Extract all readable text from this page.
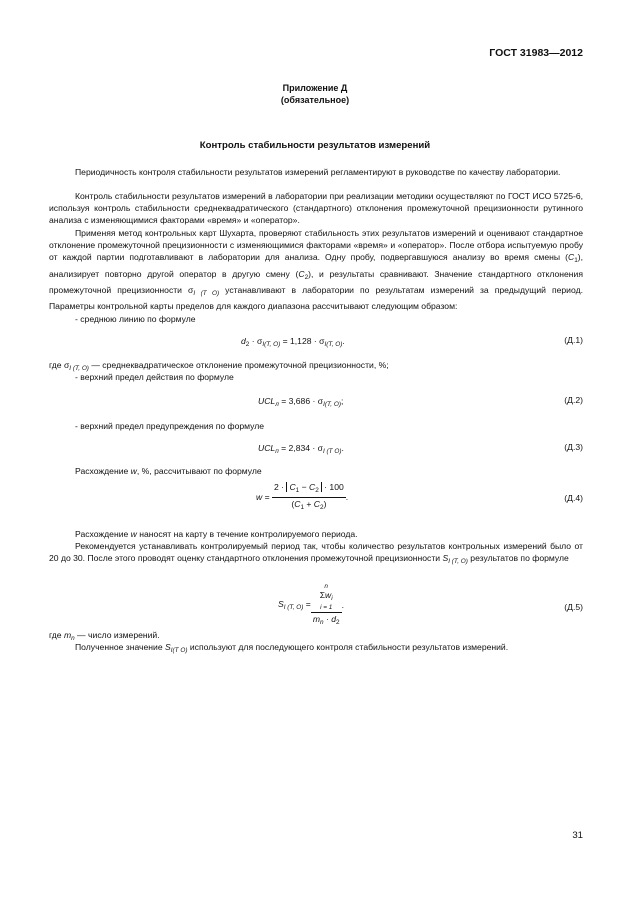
ГОСТ 31983—2012
Приложение Д
(обязательное)
Контроль стабильности результатов измерений

Периодичность контроля стабильности результатов измерений регламентируют в руководстве по качеству лаборатории.

Контроль стабильности результатов измерений в лаборатории при реализации методики осуществляют по ГОСТ ИСО 5725-6, используя контроль стабильности среднеквадратического (стандартного) отклонения промежуточной прецизионности рутинного анализа с изменяющимися факторами «время» и «оператор».

Применяя метод контрольных карт Шухарта, проверяют стабильность этих результатов измерений и оценивают стандартное отклонение промежуточной прецизионности с изменяющимися факторами «время» и «оператор». После отбора испытуемую пробу от каждой партии подготавливают в лаборатории для анализа. Одну пробу, подвергавшуюся анализу во время смены $(C_1)$, анализирует повторно другой оператор в другую смену $(C_2)$, и результаты сравнивают. Значение стандартного отклонения промежуточной прецизионности $\sigma_{I (Т О)}$ устанавливают в лаборатории по результатам измерений за предыдущий период. Параметры контрольной карты пределов для каждого диапазона рассчитывают следующим образом:

- среднюю линию по формуле

$d_2 \cdot \sigma_{I(Т, О)} = 1,128 \cdot \sigma_{I(Т, О)}$.	(Д.1)

где $\sigma_{I (Т, О)}$ — среднеквадратическое отклонение промежуточной прецизионности, %;

- верхний предел действия по формуле

$UCL_л = 3,686 \cdot \sigma_{I(Т, О)}$;	(Д.2)

- верхний предел предупреждения по формуле

$UCL_п = 2,834 \cdot \sigma_{I (Т О)}$.	(Д.3)

Расхождение w, %, рассчитывают по формуле

$w = \frac{2 \cdot C_1 - C_2 \cdot 100}{(C_1 + C_2)}$ .	(Д.4)

Расхождение w наносят на карту в течение контролируемого периода.

Рекомендуется устанавливать контролируемый период так, чтобы количество результатов контрольных измерений было от 20 до 30. После этого проводят оценку стандартного отклонения промежуточной прецизионности $S_{I (Т, О)}$ результатов по формуле

$S_{I (Т, О)} = n$
$\Sigma w_i$
i = 1
$m_n \cdot d_2$ .	(Д.5)

где $m_n$ — число измерений.

Полученное значение $S_{I(Т О)}$ используют для последующего контроля стабильности результатов измерений.

31
